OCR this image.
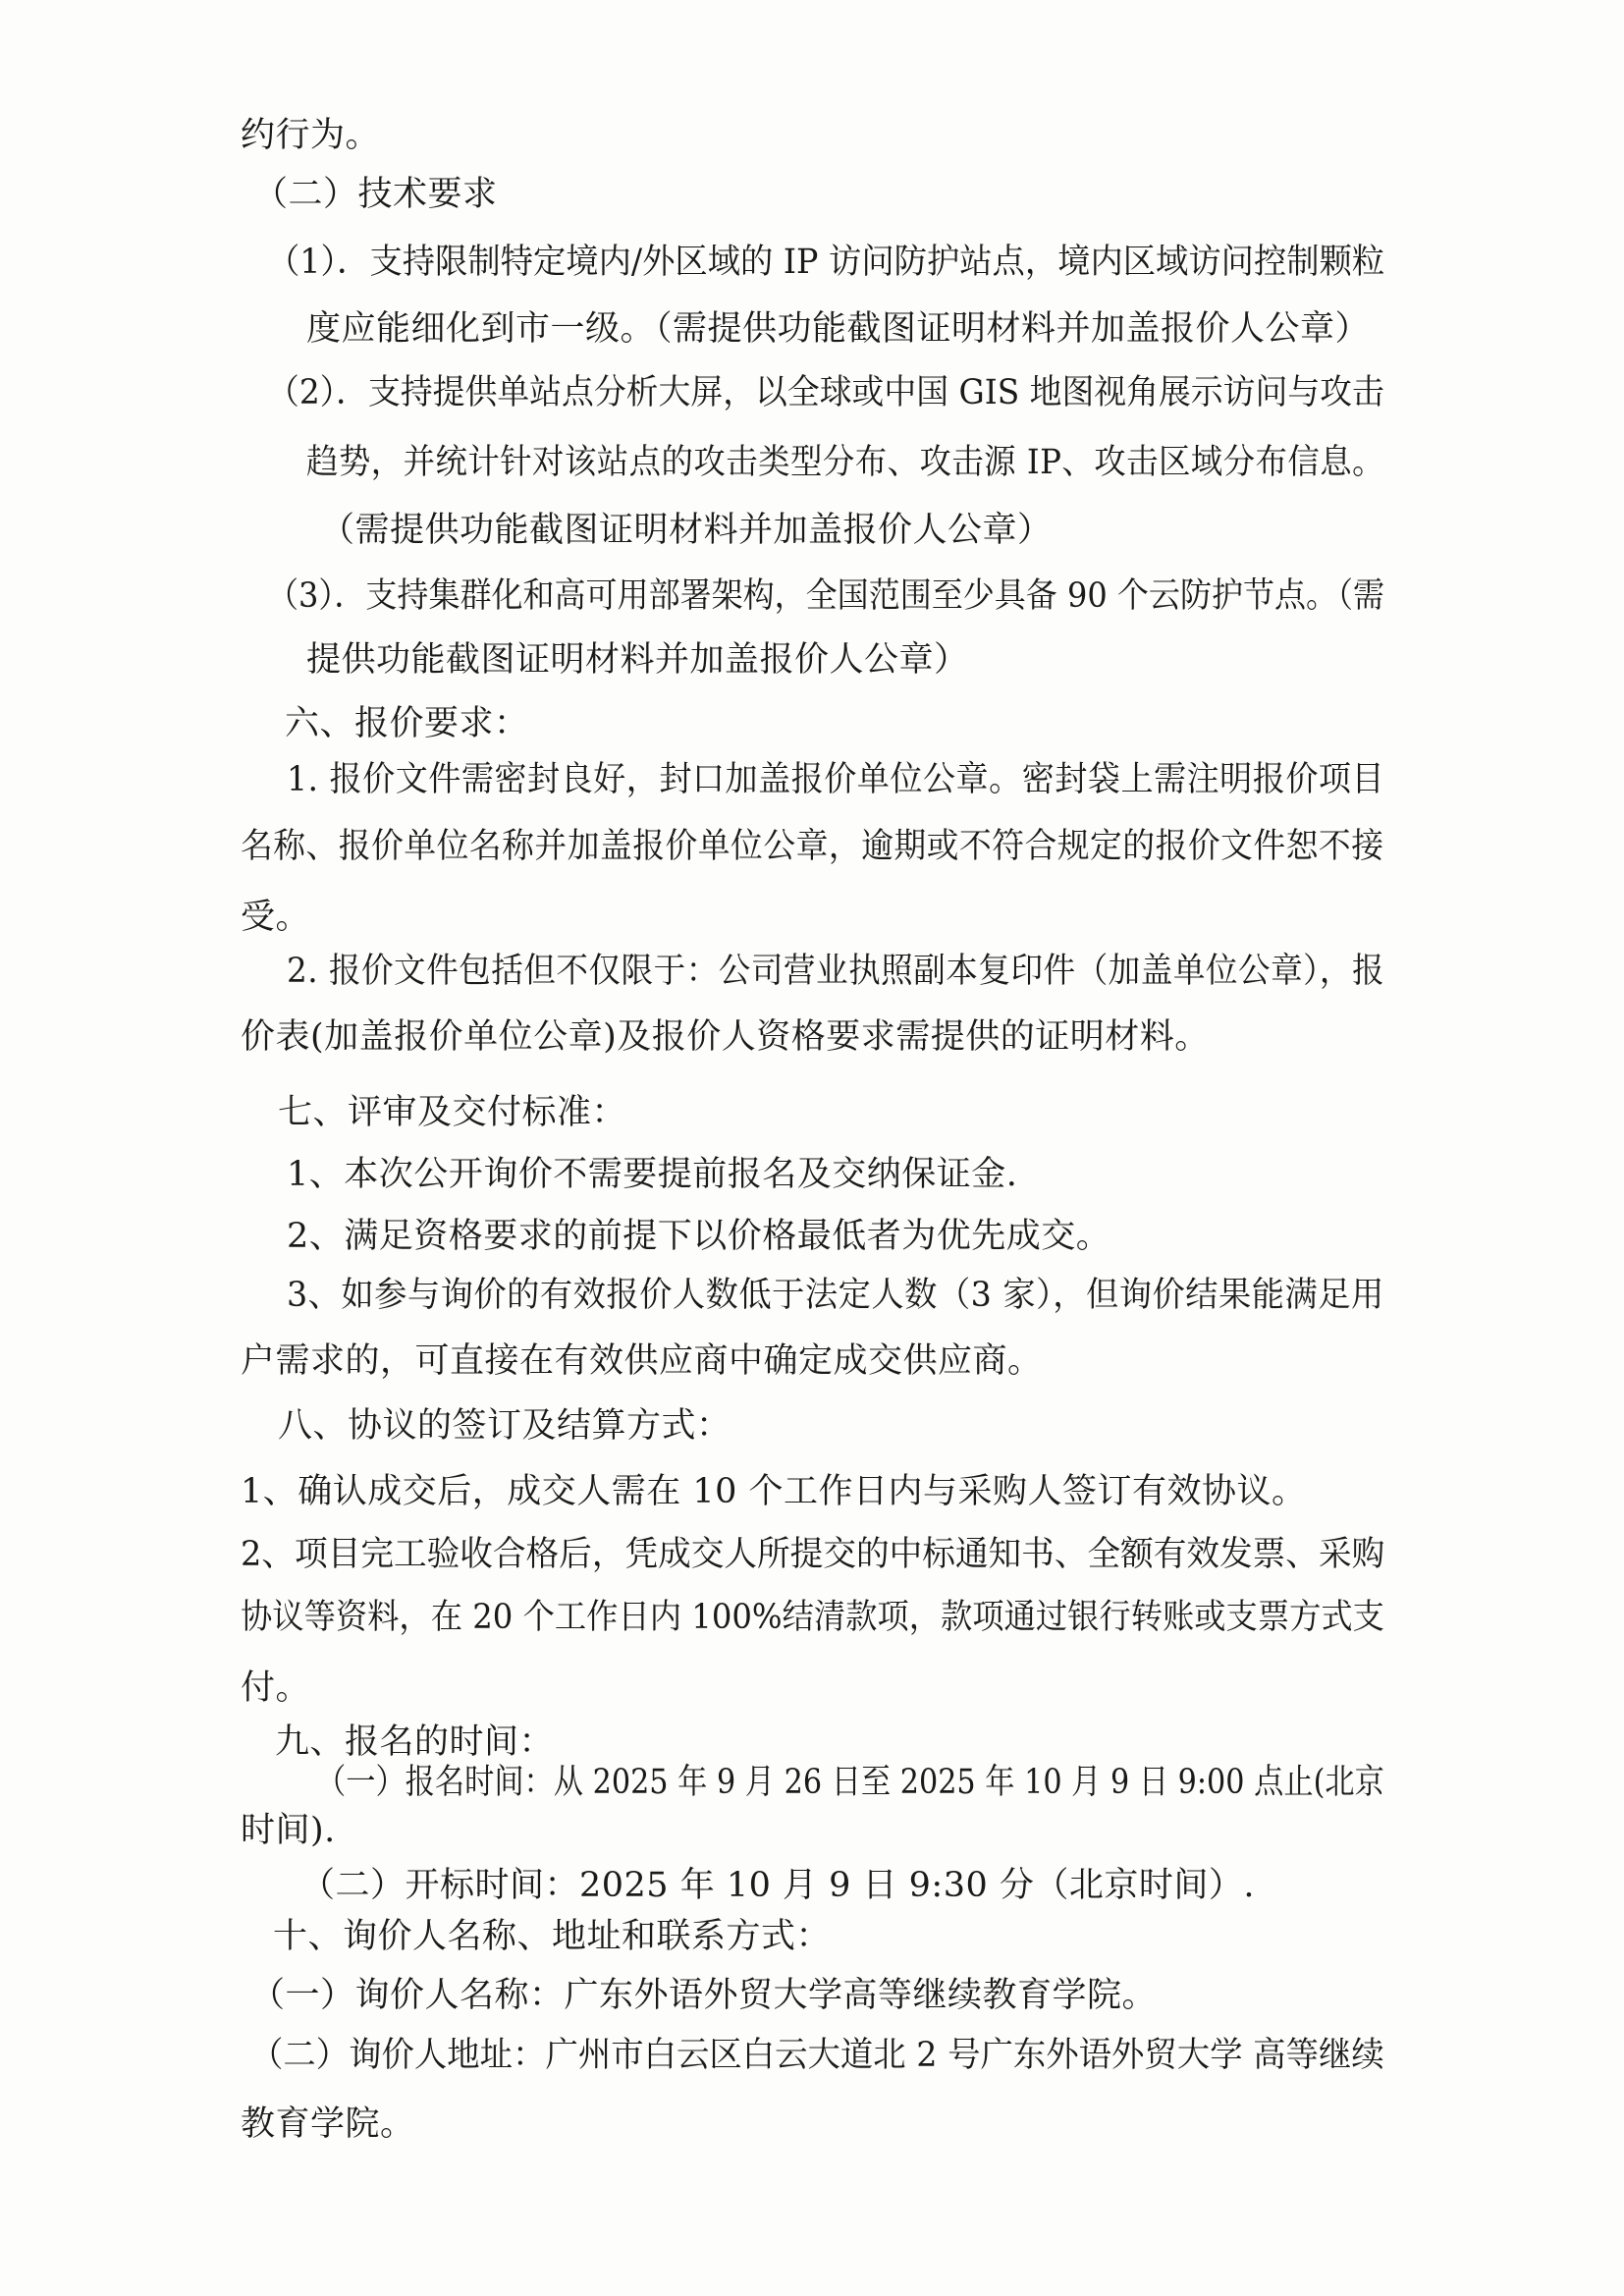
约行为。
（二）技术要求
（1）．支持限制特定境内/外区域的 IP 访问防护站点，境内区域访问控制颗粒
度应能细化到市一级。（需提供功能截图证明材料并加盖报价人公章）
（2）．支持提供单站点分析大屏，以全球或中国 GIS 地图视角展示访问与攻击
趋势，并统计针对该站点的攻击类型分布、攻击源 IP、攻击区域分布信息。
（需提供功能截图证明材料并加盖报价人公章）
（3）．支持集群化和高可用部署架构，全国范围至少具备 90 个云防护节点。（需
提供功能截图证明材料并加盖报价人公章）
六、报价要求：
1. 报价文件需密封良好，封口加盖报价单位公章。密封袋上需注明报价项目
名称、报价单位名称并加盖报价单位公章，逾期或不符合规定的报价文件恕不接
受。
2. 报价文件包括但不仅限于：公司营业执照副本复印件（加盖单位公章），报
价表(加盖报价单位公章)及报价人资格要求需提供的证明材料。
七、评审及交付标准：
1、本次公开询价不需要提前报名及交纳保证金.
2、满足资格要求的前提下以价格最低者为优先成交。
3、如参与询价的有效报价人数低于法定人数（3 家），但询价结果能满足用
户需求的，可直接在有效供应商中确定成交供应商。
八、协议的签订及结算方式：
1、确认成交后，成交人需在 10 个工作日内与采购人签订有效协议。
2、项目完工验收合格后，凭成交人所提交的中标通知书、全额有效发票、采购
协议等资料，在 20 个工作日内 100%结清款项，款项通过银行转账或支票方式支
付。
九、报名的时间：
（一）报名时间：从 2025 年 9 月 26 日至 2025 年 10 月 9 日 9:00 点止(北京
时间).
（二）开标时间：2025 年 10 月 9 日 9:30 分（北京时间）.
十、询价人名称、地址和联系方式：
（一）询价人名称：广东外语外贸大学高等继续教育学院。
（二）询价人地址：广州市白云区白云大道北 2 号广东外语外贸大学 高等继续
教育学院。
